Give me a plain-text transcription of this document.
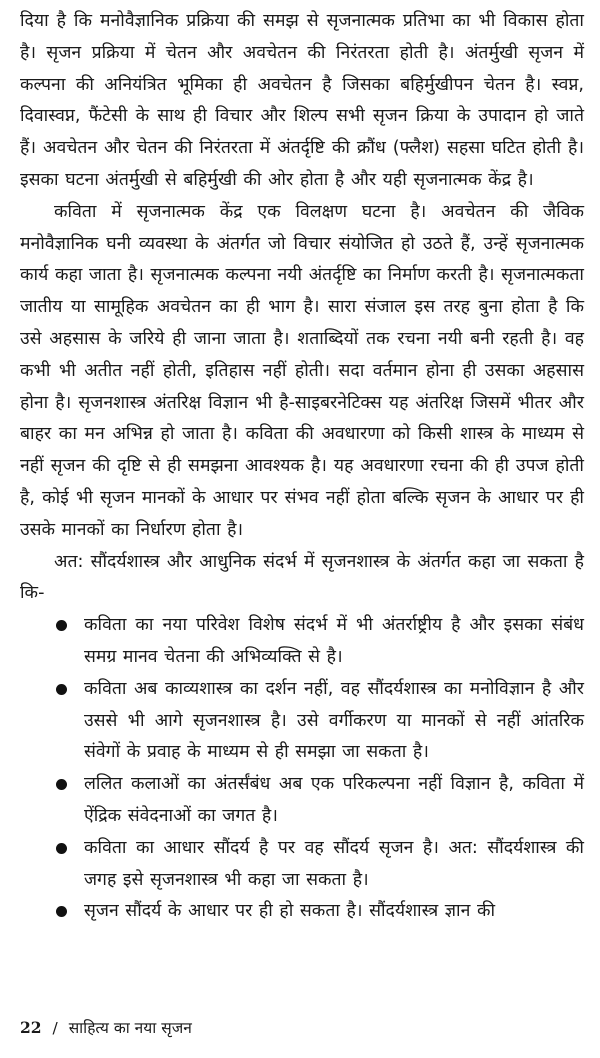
दिया है कि मनोवैज्ञानिक प्रक्रिया की समझ से सृजनात्मक प्रतिभा का भी विकास होता है। सृजन प्रक्रिया में चेतन और अवचेतन की निरंतरता होती है। अंतर्मुखी सृजन में कल्पना की अनियंत्रित भूमिका ही अवचेतन है जिसका बहिर्मुखीपन चेतन है। स्वप्न, दिवास्वप्न, फैंटेसी के साथ ही विचार और शिल्प सभी सृजन क्रिया के उपादान हो जाते हैं। अवचेतन और चेतन की निरंतरता में अंतर्दृष्टि की क्रौंध (फ्लैश) सहसा घटित होती है। इसका घटना अंतर्मुखी से बहिर्मुखी की ओर होता है और यही सृजनात्मक केंद्र है।

कविता में सृजनात्मक केंद्र एक विलक्षण घटना है। अवचेतन की जैविक मनोवैज्ञानिक घनी व्यवस्था के अंतर्गत जो विचार संयोजित हो उठते हैं, उन्हें सृजनात्मक कार्य कहा जाता है। सृजनात्मक कल्पना नयी अंतर्दृष्टि का निर्माण करती है। सृजनात्मकता जातीय या सामूहिक अवचेतन का ही भाग है। सारा संजाल इस तरह बुना होता है कि उसे अहसास के जरिये ही जाना जाता है। शताब्दियों तक रचना नयी बनी रहती है। वह कभी भी अतीत नहीं होती, इतिहास नहीं होती। सदा वर्तमान होना ही उसका अहसास होना है। सृजनशास्त्र अंतरिक्ष विज्ञान भी है-साइबरनेटिक्स यह अंतरिक्ष जिसमें भीतर और बाहर का मन अभिन्न हो जाता है। कविता की अवधारणा को किसी शास्त्र के माध्यम से नहीं सृजन की दृष्टि से ही समझना आवश्यक है। यह अवधारणा रचना की ही उपज होती है, कोई भी सृजन मानकों के आधार पर संभव नहीं होता बल्कि सृजन के आधार पर ही उसके मानकों का निर्धारण होता है।

अत: सौंदर्यशास्त्र और आधुनिक संदर्भ में सृजनशास्त्र के अंतर्गत कहा जा सकता है कि-

कविता का नया परिवेश विशेष संदर्भ में भी अंतर्राष्ट्रीय है और इसका संबंध समग्र मानव चेतना की अभिव्यक्ति से है।
कविता अब काव्यशास्त्र का दर्शन नहीं, वह सौंदर्यशास्त्र का मनोविज्ञान है और उससे भी आगे सृजनशास्त्र है। उसे वर्गीकरण या मानकों से नहीं आंतरिक संवेगों के प्रवाह के माध्यम से ही समझा जा सकता है।
ललित कलाओं का अंतर्संबंध अब एक परिकल्पना नहीं विज्ञान है, कविता में ऐंद्रिक संवेदनाओं का जगत है।
कविता का आधार सौंदर्य है पर वह सौंदर्य सृजन है। अत: सौंदर्यशास्त्र की जगह इसे सृजनशास्त्र भी कहा जा सकता है।
सृजन सौंदर्य के आधार पर ही हो सकता है। सौंदर्यशास्त्र ज्ञान की
22 / साहित्य का नया सृजन
